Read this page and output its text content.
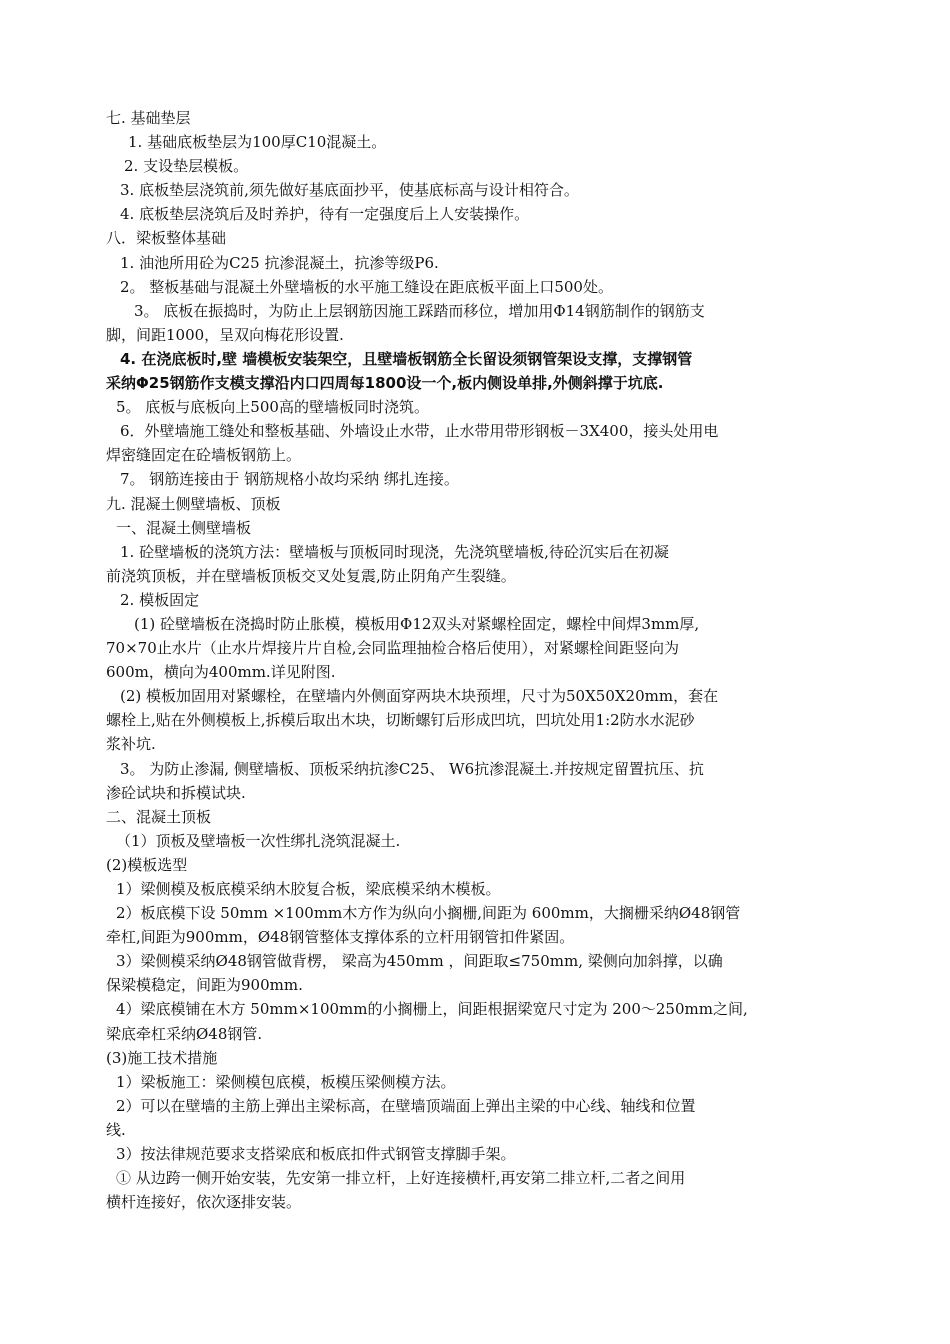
七. 基础垫层
1. 基础底板垫层为100厚C10混凝土。
2. 支设垫层模板。
3. 底板垫层浇筑前,须先做好基底面抄平，使基底标高与设计相符合。
4. 底板垫层浇筑后及时养护，待有一定强度后上人安装操作。
八．梁板整体基础
1. 油池所用砼为C25 抗渗混凝土，抗渗等级P6.
2。 整板基础与混凝土外壁墙板的水平施工缝设在距底板平面上口500处。
3。 底板在振捣时，为防止上层钢筋因施工踩踏而移位，增加用Φ14钢筋制作的钢筋支
脚，间距1000，呈双向梅花形设置.
4. 在浇底板时,壁 墙模板安装架空，且壁墙板钢筋全长留设须钢管架设支撑，支撑钢管
采纳Φ25钢筋作支模支撑沿内口四周每1800设一个,板内侧设单排,外侧斜撑于坑底.
5。 底板与底板向上500高的壁墙板同时浇筑。
6．外壁墙施工缝处和整板基础、外墙设止水带，止水带用带形钢板－3Χ400，接头处用电
焊密缝固定在砼墙板钢筋上。
7。 钢筋连接由于 钢筋规格小故均采纳 绑扎连接。
九. 混凝土侧壁墙板、顶板
一、混凝土侧壁墙板
1. 砼壁墙板的浇筑方法：壁墙板与顶板同时现浇，先浇筑壁墙板,待砼沉实后在初凝
前浇筑顶板，并在壁墙板顶板交叉处复震,防止阴角产生裂缝。
2. 模板固定
(1) 砼壁墙板在浇捣时防止胀模，模板用Φ12双头对紧螺栓固定，螺栓中间焊3mm厚,
70×70止水片（止水片焊接片片自检,会同监理抽检合格后使用），对紧螺栓间距竖向为
600m，横向为400mm.详见附图.
(2) 模板加固用对紧螺栓，在壁墙内外侧面穿两块木块预埋，尺寸为50Χ50Χ20mm，套在
螺栓上,贴在外侧模板上,拆模后取出木块，切断螺钉后形成凹坑，凹坑处用1:2防水水泥砂
浆补坑.
3。 为防止渗漏, 侧壁墙板、顶板采纳抗渗C25、 W6抗渗混凝土.并按规定留置抗压、抗
渗砼试块和拆模试块.
二、混凝土顶板
（1）顶板及壁墙板一次性绑扎浇筑混凝土.
(2)模板选型
1）梁侧模及板底模采纳木胶复合板，梁底模采纳木模板。
2）板底模下设 50mm ×100mm木方作为纵向小搁栅,间距为 600mm，大搁栅采纳Ø48钢管
牵杠,间距为900mm，Ø48钢管整体支撑体系的立杆用钢管扣件紧固。
3）梁侧模采纳Ø48钢管做背楞， 梁高为450mm ，间距取≤750mm, 梁侧向加斜撑，以确
保梁模稳定，间距为900mm.
4）梁底模铺在木方 50mm×100mm的小搁栅上，间距根据梁宽尺寸定为 200～250mm之间,
梁底牵杠采纳Ø48钢管.
(3)施工技术措施
1）梁板施工：梁侧模包底模，板模压梁侧模方法。
2）可以在壁墙的主筋上弹出主梁标高，在壁墙顶端面上弹出主梁的中心线、轴线和位置
线.
3）按法律规范要求支搭梁底和板底扣件式钢管支撑脚手架。
① 从边跨一侧开始安装，先安第一排立杆，上好连接横杆,再安第二排立杆,二者之间用
横杆连接好，依次逐排安装。
